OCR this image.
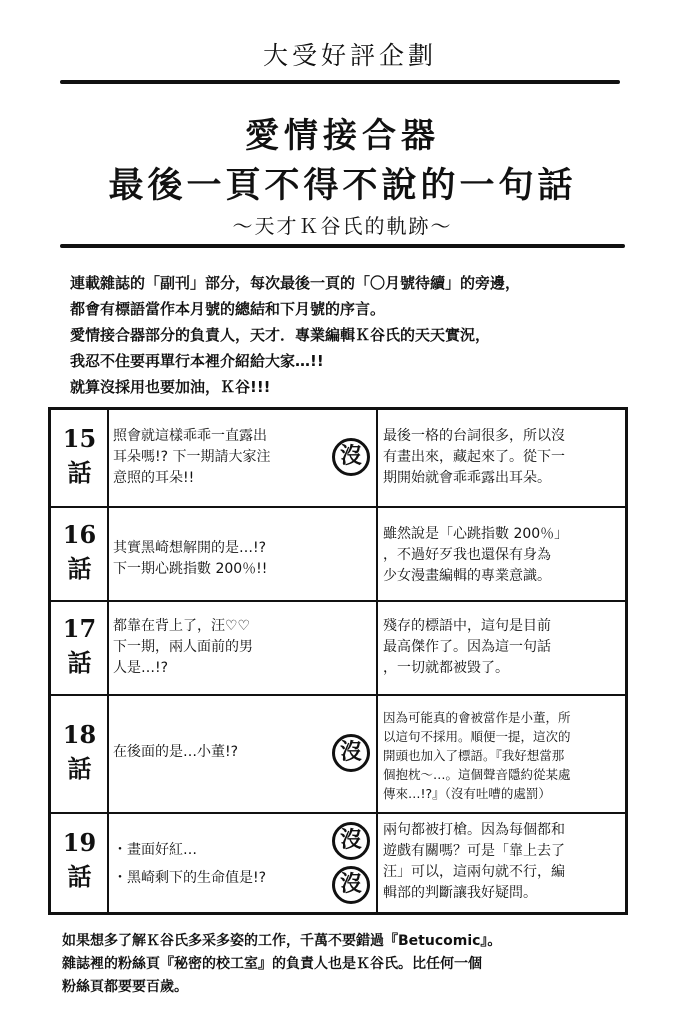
大受好評企劃
愛情接合器
最後一頁不得不說的一句話
～天才Ｋ谷氏的軌跡～
連載雜誌的「副刊」部分，每次最後一頁的「〇月號待續」的旁邊，
都會有標語當作本月號的總結和下月號的序言。
愛情接合器部分的負責人，天才．專業編輯Ｋ谷氏的天天實況，
我忍不住要再單行本裡介紹給大家…!!
就算沒採用也要加油，Ｋ谷!!!
15
話
照會就這樣乖乖一直露出
耳朵嗎!? 下一期請大家注
意照的耳朵!!
沒
最後一格的台詞很多，所以沒
有畫出來，藏起來了。從下一
期開始就會乖乖露出耳朵。
16
話
其實黑崎想解開的是…!?
下一期心跳指數 200％!!
雖然說是「心跳指數 200％」
，不過好歹我也還保有身為
少女漫畫編輯的專業意識。
17
話
都靠在背上了，汪♡♡
下一期，兩人面前的男
人是…!?
殘存的標語中，這句是目前
最高傑作了。因為這一句話
，一切就都被毀了。
18
話
在後面的是…小董!?	沒
因為可能真的會被當作是小董，所
以這句不採用。順便一提，這次的
開頭也加入了標語。『我好想當那
個抱枕～…。這個聲音隱約從某處
傳來…!?』（沒有吐嘈的處罰）
19
話
・畫面好紅…
・黑崎剩下的生命值是!?
沒
沒
兩句都被打槍。因為每個都和
遊戲有關嗎？可是「靠上去了
汪」可以，這兩句就不行，編
輯部的判斷讓我好疑問。
如果想多了解Ｋ谷氏多采多姿的工作，千萬不要錯過『Betucomic』。
雜誌裡的粉絲頁『秘密的校工室』的負責人也是Ｋ谷氏。比任何一個
粉絲頁都要要百歲。
